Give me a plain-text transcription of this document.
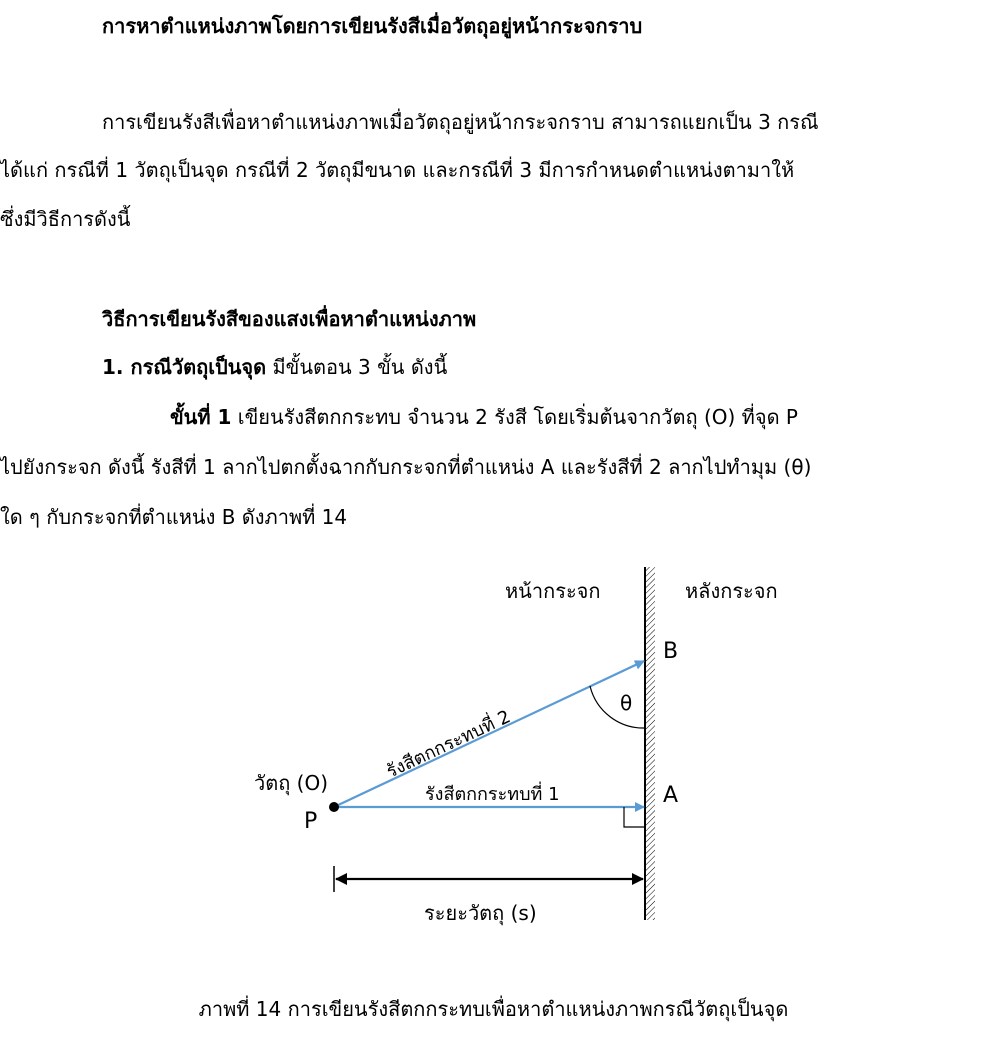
การหาตำแหน่งภาพโดยการเขียนรังสีเมื่อวัตถุอยู่หน้ากระจกราบ
การเขียนรังสีเพื่อหาตำแหน่งภาพเมื่อวัตถุอยู่หน้ากระจกราบ สามารถแยกเป็น 3 กรณี
ได้แก่ กรณีที่ 1 วัตถุเป็นจุด กรณีที่ 2 วัตถุมีขนาด และกรณีที่ 3 มีการกำหนดตำแหน่งตามาให้
ซึ่งมีวิธีการดังนี้
วิธีการเขียนรังสีของแสงเพื่อหาตำแหน่งภาพ
1. กรณีวัตถุเป็นจุด มีขั้นตอน 3 ขั้น ดังนี้
ขั้นที่ 1 เขียนรังสีตกกระทบ จำนวน 2 รังสี โดยเริ่มต้นจากวัตถุ (O) ที่จุด P
ไปยังกระจก ดังนี้ รังสีที่ 1 ลากไปตกตั้งฉากกับกระจกที่ตำแหน่ง A และรังสีที่ 2 ลากไปทำมุม (θ)
ใด ๆ กับกระจกที่ตำแหน่ง B ดังภาพที่ 14
หน้ากระจก	หลังกระจก
รังสีตกกระทบที่ 2
รังสีตกกระทบที่ 1
θ
B
A
วัตถุ (O)
P
ระยะวัตถุ (s)
ภาพที่ 14 การเขียนรังสีตกกระทบเพื่อหาตำแหน่งภาพกรณีวัตถุเป็นจุด
